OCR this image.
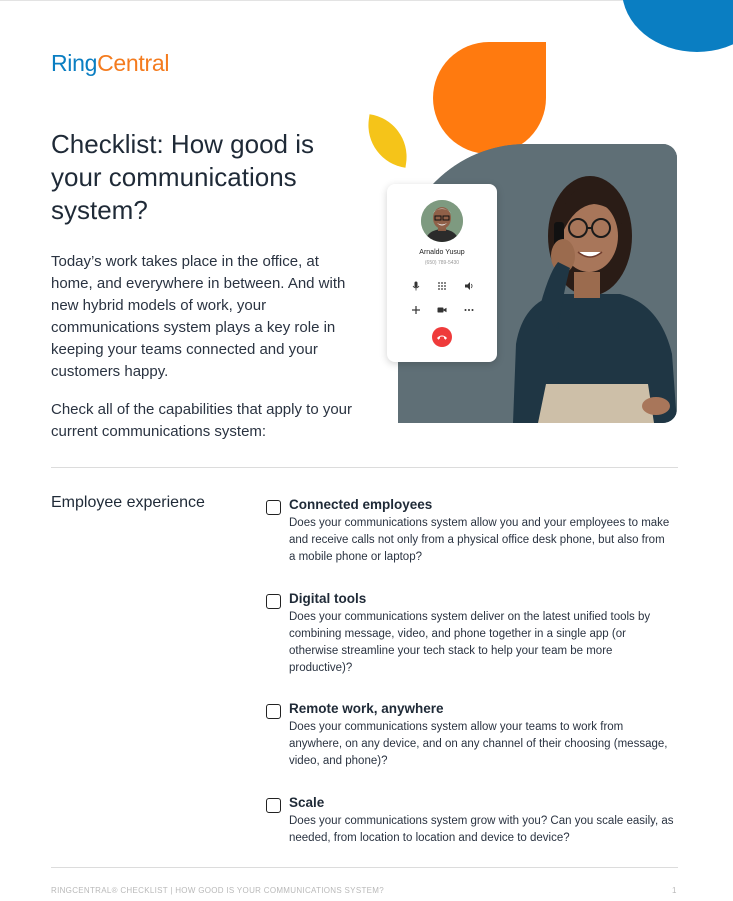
RingCentral
Checklist: How good is your communications system?

Today’s work takes place in the office, at home, and everywhere in between. And with new hybrid models of work, your communications system plays a key role in keeping your teams connected and your customers happy.

Check all of the capabilities that apply to your current communications system:

Arnaldo Yusup
(650) 789-5430
Employee experience	Connected employees

Does your communications system allow you and your employees to make and receive calls not only from a physical office desk phone, but also from a mobile phone or laptop?

Digital tools

Does your communications system deliver on the latest unified tools by combining message, video, and phone together in a single app (or otherwise streamline your tech stack to help your team be more productive)?

Remote work, anywhere

Does your communications system allow your teams to work from anywhere, on any device, and on any channel of their choosing (message, video, and phone)?

Scale

Does your communications system grow with you? Can you scale easily, as needed, from location to location and device to device?

RINGCENTRAL® CHECKLIST | HOW GOOD IS YOUR COMMUNICATIONS SYSTEM?	1
